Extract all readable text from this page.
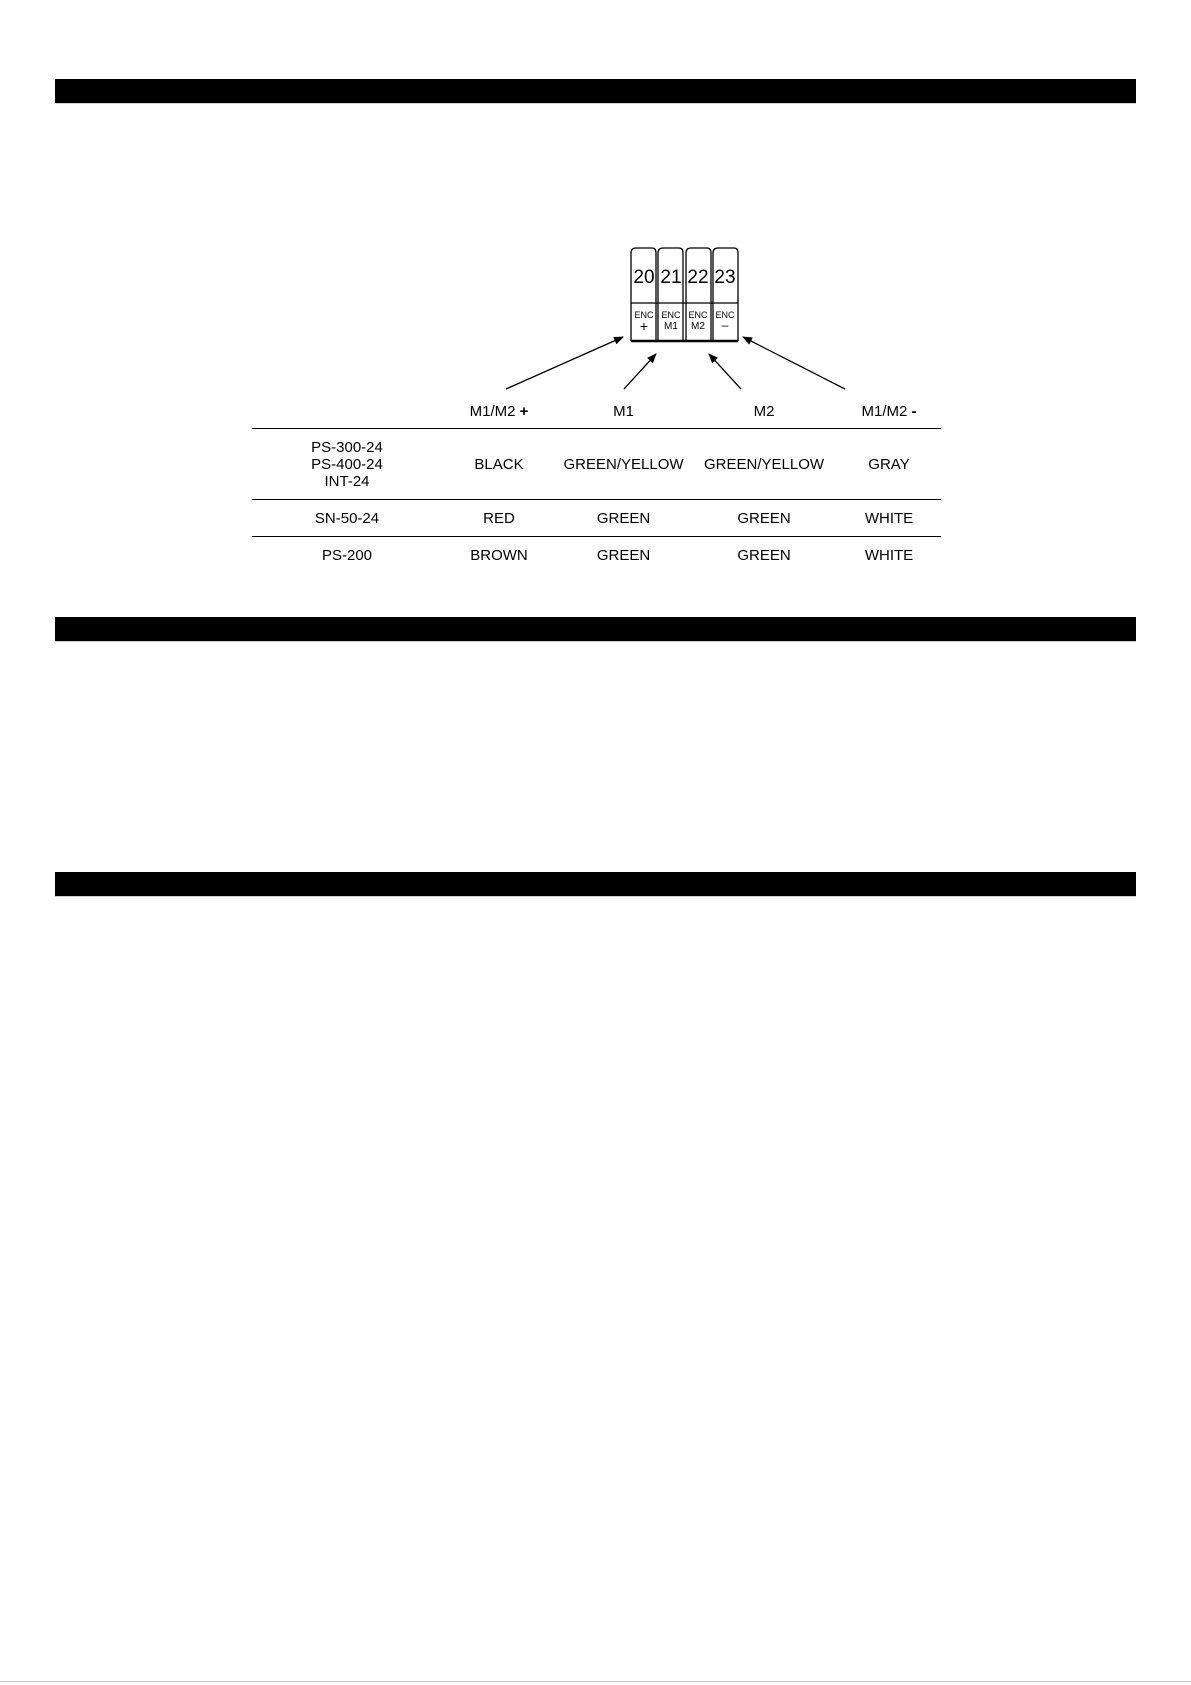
20 21 22 23
ENC ENC ENC ENC
+ M1 M2 –
	M1/M2 +	M1	M2	M1/M2 -

PS-300-24
PS-400-24
INT-24	BLACK	GREEN/YELLOW	GREEN/YELLOW	GRAY
SN-50-24	RED	GREEN	GREEN	WHITE
PS-200	BROWN	GREEN	GREEN	WHITE
